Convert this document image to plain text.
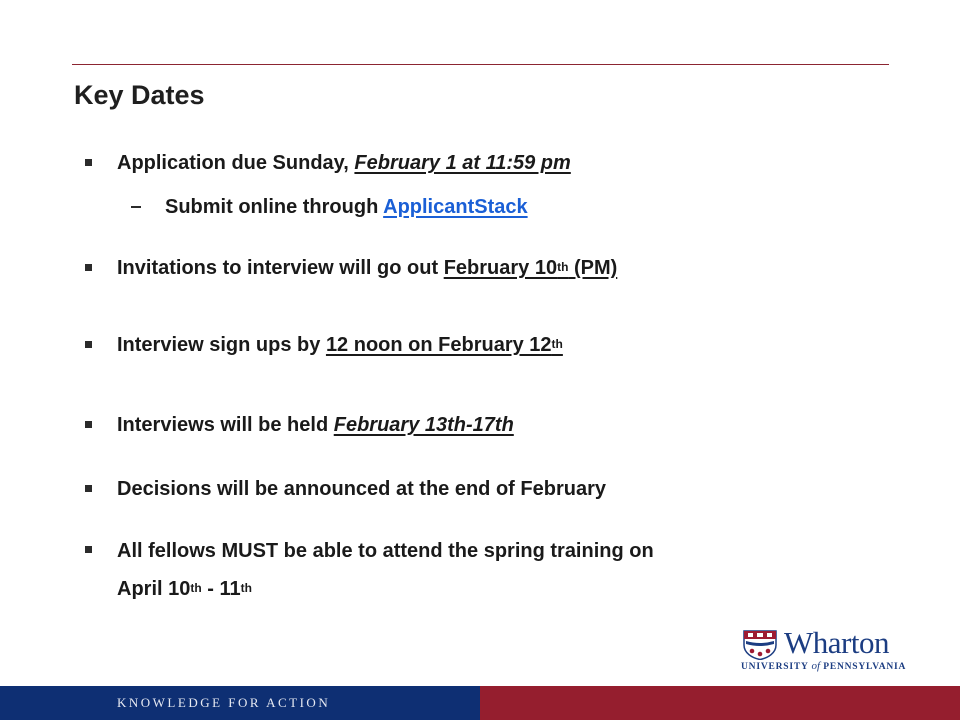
Key Dates
Application due Sunday, February 1 at 11:59 pm
Submit online through ApplicantStack
Invitations to interview will go out February 10th (PM)
Interview sign ups by 12 noon on February 12th
Interviews will be held February 13th-17th
Decisions will be announced at the end of February
All fellows MUST be able to attend the spring training on
April 10th - 11th
Wharton
UNIVERSITY of PENNSYLVANIA
KNOWLEDGE FOR ACTION
